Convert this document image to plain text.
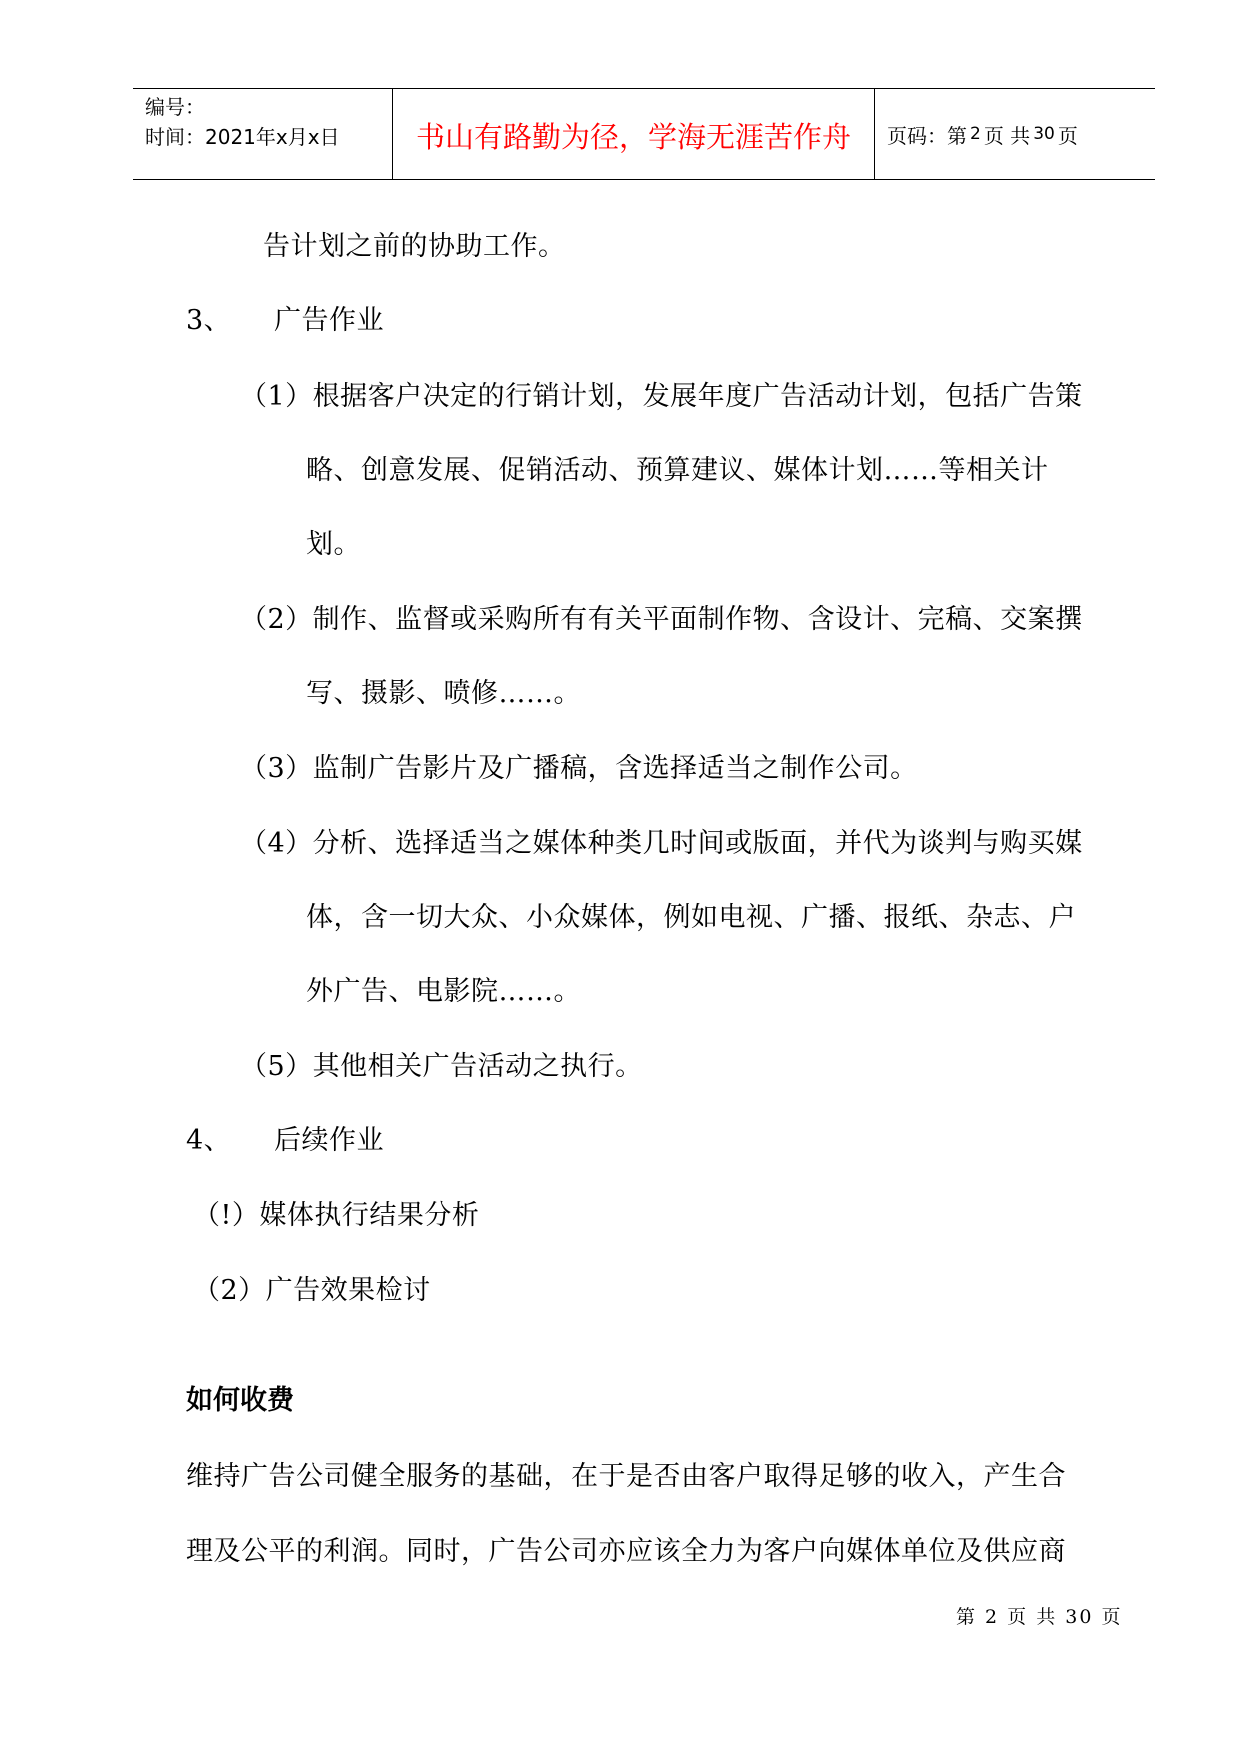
编号：
时间：2021年x月x日	书山有路勤为径，学海无涯苦作舟	页码：第 2 页 共 30 页
告计划之前的协助工作。
3、 广告作业
（1）根据客户决定的行销计划，发展年度广告活动计划，包括广告策
略、创意发展、促销活动、预算建议、媒体计划……等相关计
划。
（2）制作、监督或采购所有有关平面制作物、含设计、完稿、交案撰
写、摄影、喷修……。
（3）监制广告影片及广播稿，含选择适当之制作公司。
（4）分析、选择适当之媒体种类几时间或版面，并代为谈判与购买媒
体，含一切大众、小众媒体，例如电视、广播、报纸、杂志、户
外广告、电影院……。
（5）其他相关广告活动之执行。
4、 后续作业
（!）媒体执行结果分析
（2）广告效果检讨
如何收费
维持广告公司健全服务的基础，在于是否由客户取得足够的收入，产生合
理及公平的利润。同时，广告公司亦应该全力为客户向媒体单位及供应商
第 2 页 共 30 页
